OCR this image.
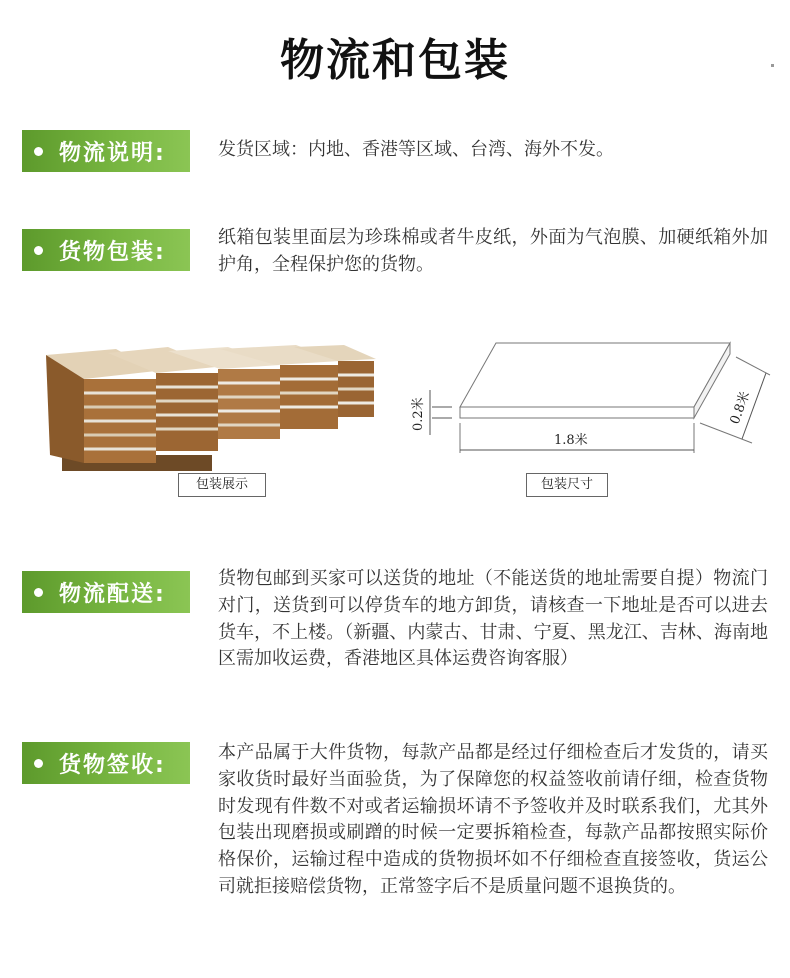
物流和包装
物流说明:	发货区域：内地、香港等区域、台湾、海外不发。
货物包装:
纸箱包装里面层为珍珠棉或者牛皮纸，外面为气泡膜、加硬纸箱外加护角，全程保护您的货物。
包装展示
0.2米
1.8米
0.8米
包装尺寸
物流配送:
货物包邮到买家可以送货的地址（不能送货的地址需要自提）物流门对门，送货到可以停货车的地方卸货，请核查一下地址是否可以进去货车，不上楼。（新疆、内蒙古、甘肃、宁夏、黑龙江、吉林、海南地区需加收运费，香港地区具体运费咨询客服）
货物签收:	本产品属于大件货物，每款产品都是经过仔细检查后才发货的，请买家收货时最好当面验货，为了保障您的权益签收前请仔细，检查货物时发现有件数不对或者运输损坏请不予签收并及时联系我们，尤其外包装出现磨损或刷蹭的时候一定要拆箱检查，每款产品都按照实际价格保价，运输过程中造成的货物损坏如不仔细检查直接签收，货运公司就拒接赔偿货物，正常签字后不是质量问题不退换货的。
